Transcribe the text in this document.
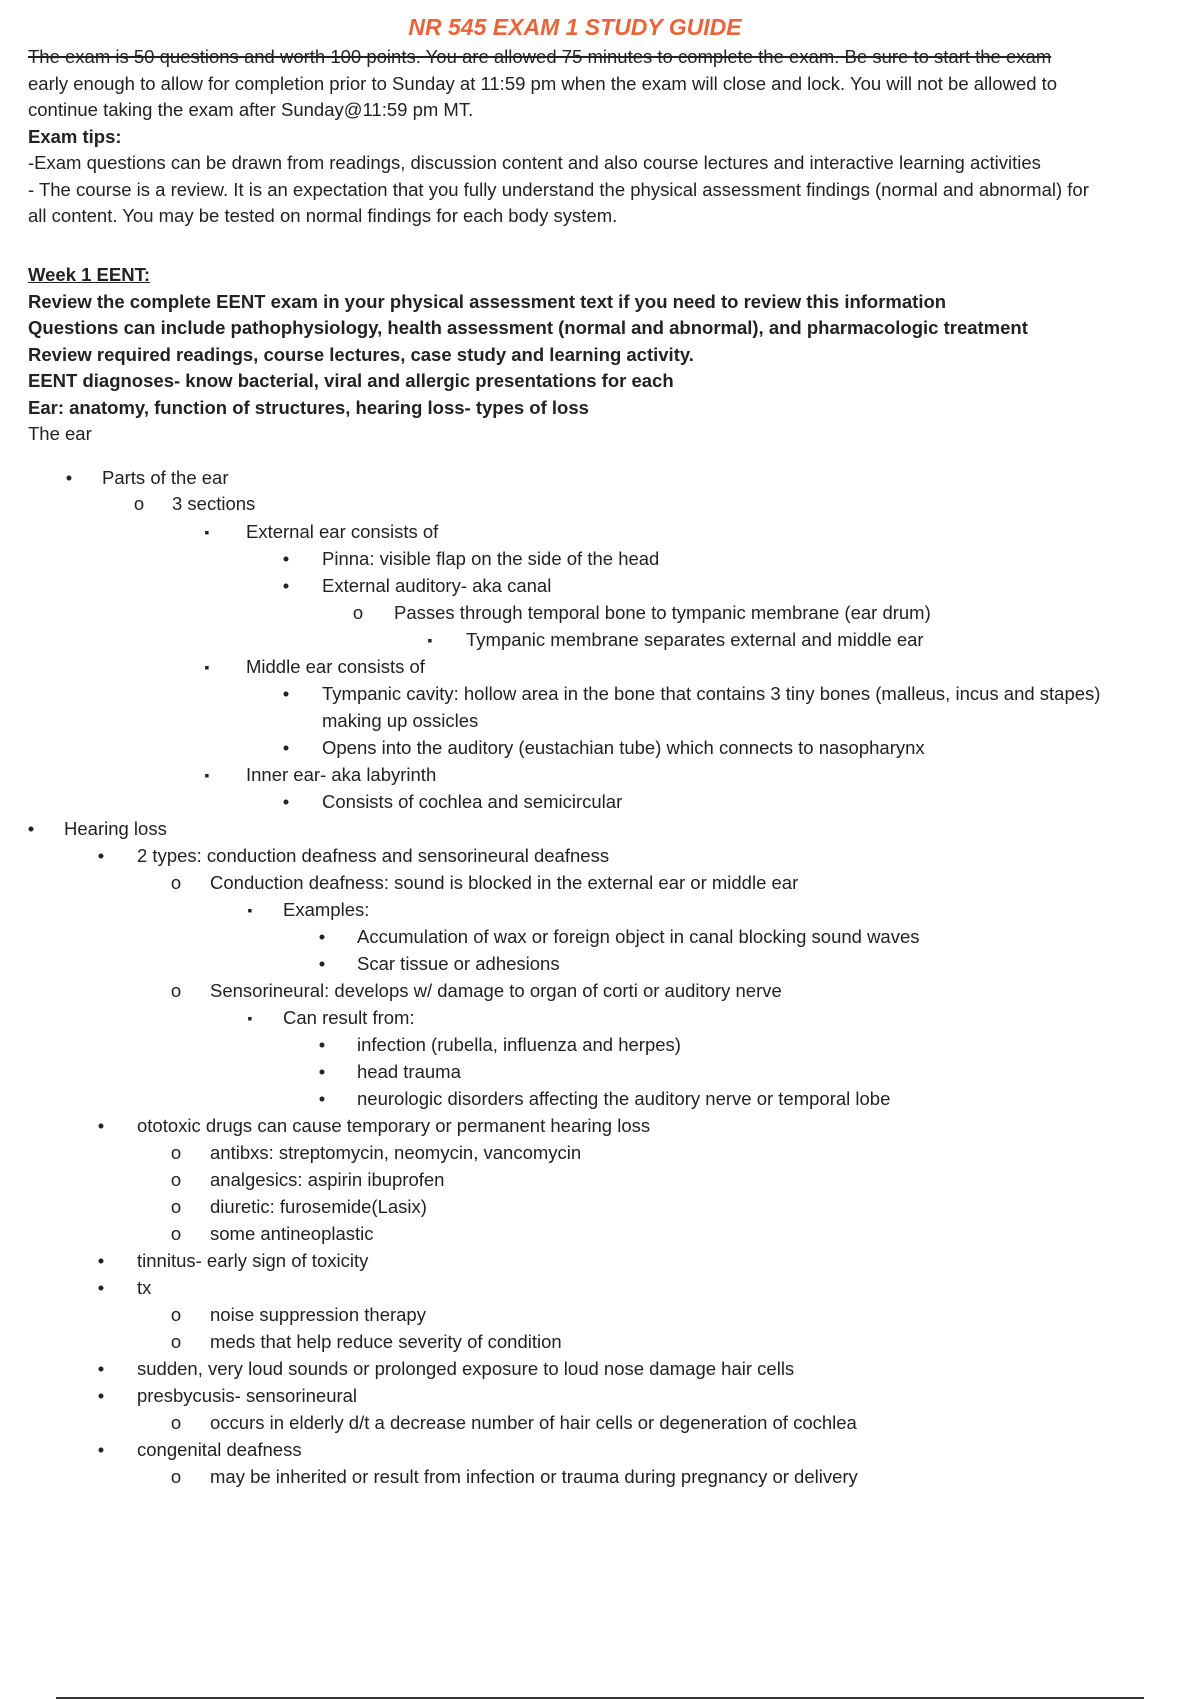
NR 545 EXAM 1 STUDY GUIDE
The exam is 50 questions and worth 100 points. You are allowed 75 minutes to complete the exam. Be sure to start the exam
early enough to allow for completion prior to Sunday at 11:59 pm when the exam will close and lock. You will not be allowed to
continue taking the exam after Sunday@11:59 pm MT.
Exam tips:
-Exam questions can be drawn from readings, discussion content and also course lectures and interactive learning activities
- The course is a review. It is an expectation that you fully understand the physical assessment findings (normal and abnormal) for
all content. You may be tested on normal findings for each body system.
Week 1 EENT:
Review the complete EENT exam in your physical assessment text if you need to review this information
Questions can include pathophysiology, health assessment (normal and abnormal), and pharmacologic treatment
Review required readings, course lectures, case study and learning activity.
EENT diagnoses- know bacterial, viral and allergic presentations for each
Ear: anatomy, function of structures, hearing loss- types of loss
The ear
• Parts of the ear
o 3 sections
▪ External ear consists of
• Pinna: visible flap on the side of the head
• External auditory- aka canal
o Passes through temporal bone to tympanic membrane (ear drum)
▪ Tympanic membrane separates external and middle ear
▪ Middle ear consists of
• Tympanic cavity: hollow area in the bone that contains 3 tiny bones (malleus, incus and stapes)
making up ossicles
• Opens into the auditory (eustachian tube) which connects to nasopharynx
▪ Inner ear- aka labyrinth
• Consists of cochlea and semicircular
• Hearing loss
• 2 types: conduction deafness and sensorineural deafness
o Conduction deafness: sound is blocked in the external ear or middle ear
▪ Examples:
• Accumulation of wax or foreign object in canal blocking sound waves
• Scar tissue or adhesions
o Sensorineural: develops w/ damage to organ of corti or auditory nerve
▪ Can result from:
• infection (rubella, influenza and herpes)
• head trauma
• neurologic disorders affecting the auditory nerve or temporal lobe
• ototoxic drugs can cause temporary or permanent hearing loss
o antibxs: streptomycin, neomycin, vancomycin
o analgesics: aspirin ibuprofen
o diuretic: furosemide(Lasix)
o some antineoplastic
• tinnitus- early sign of toxicity
• tx
o noise suppression therapy
o meds that help reduce severity of condition
• sudden, very loud sounds or prolonged exposure to loud nose damage hair cells
• presbycusis- sensorineural
o occurs in elderly d/t a decrease number of hair cells or degeneration of cochlea
• congenital deafness
o may be inherited or result from infection or trauma during pregnancy or delivery
